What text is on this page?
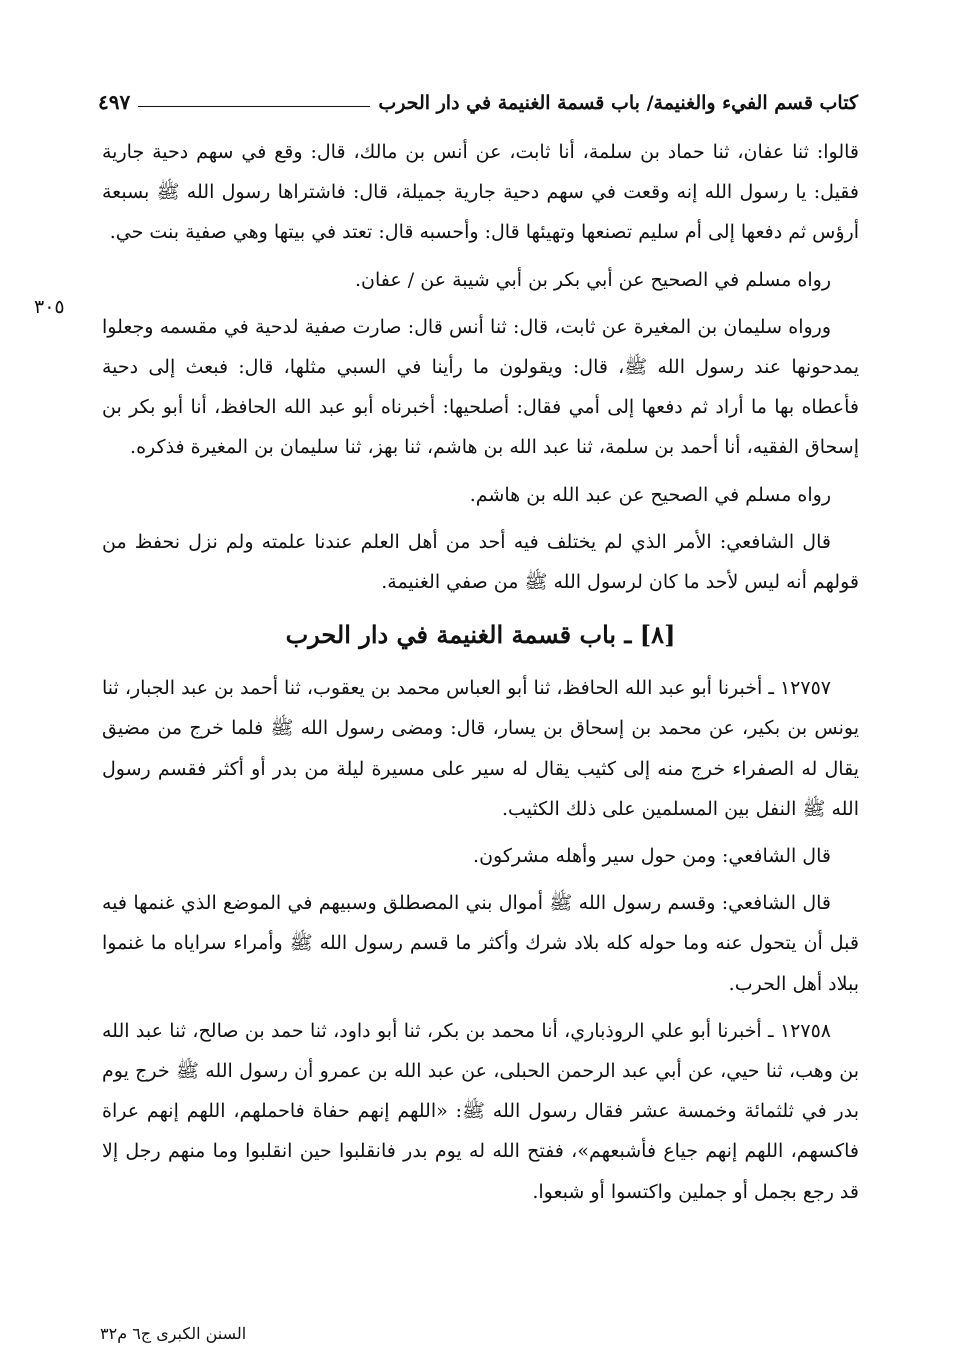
كتاب قسم الفيء والغنيمة/ باب قسمة الغنيمة في دار الحرب
٤٩٧
٣٠٥

قالوا: ثنا عفان، ثنا حماد بن سلمة، أنا ثابت، عن أنس بن مالك، قال: وقع في سهم دحية جارية فقيل: يا رسول الله إنه وقعت في سهم دحية جارية جميلة، قال: فاشتراها رسول الله ﷺ بسبعة أرؤس ثم دفعها إلى أم سليم تصنعها وتهيئها قال: وأحسبه قال: تعتد في بيتها وهي صفية بنت حي.

رواه مسلم في الصحيح عن أبي بكر بن أبي شيبة عن / عفان.

ورواه سليمان بن المغيرة عن ثابت، قال: ثنا أنس قال: صارت صفية لدحية في مقسمه وجعلوا يمدحونها عند رسول الله ﷺ، قال: ويقولون ما رأينا في السبي مثلها، قال: فبعث إلى دحية فأعطاه بها ما أراد ثم دفعها إلى أمي فقال: أصلحيها: أخبرناه أبو عبد الله الحافظ، أنا أبو بكر بن إسحاق الفقيه، أنا أحمد بن سلمة، ثنا عبد الله بن هاشم، ثنا بهز، ثنا سليمان بن المغيرة فذكره.

رواه مسلم في الصحيح عن عبد الله بن هاشم.

قال الشافعي: الأمر الذي لم يختلف فيه أحد من أهل العلم عندنا علمته ولم نزل نحفظ من قولهم أنه ليس لأحد ما كان لرسول الله ﷺ من صفي الغنيمة.

[٨] ـ باب قسمة الغنيمة في دار الحرب

١٢٧٥٧ ـ أخبرنا أبو عبد الله الحافظ، ثنا أبو العباس محمد بن يعقوب، ثنا أحمد بن عبد الجبار، ثنا يونس بن بكير، عن محمد بن إسحاق بن يسار، قال: ومضى رسول الله ﷺ فلما خرج من مضيق يقال له الصفراء خرج منه إلى كثيب يقال له سير على مسيرة ليلة من بدر أو أكثر فقسم رسول الله ﷺ النفل بين المسلمين على ذلك الكثيب.

قال الشافعي: ومن حول سير وأهله مشركون.

قال الشافعي: وقسم رسول الله ﷺ أموال بني المصطلق وسبيهم في الموضع الذي غنمها فيه قبل أن يتحول عنه وما حوله كله بلاد شرك وأكثر ما قسم رسول الله ﷺ وأمراء سراياه ما غنموا ببلاد أهل الحرب.

١٢٧٥٨ ـ أخبرنا أبو علي الروذباري، أنا محمد بن بكر، ثنا أبو داود، ثنا حمد بن صالح، ثنا عبد الله بن وهب، ثنا حيي، عن أبي عبد الرحمن الحبلى، عن عبد الله بن عمرو أن رسول الله ﷺ خرج يوم بدر في ثلثمائة وخمسة عشر فقال رسول الله ﷺ: «اللهم إنهم حفاة فاحملهم، اللهم إنهم عراة فاكسهم، اللهم إنهم جياع فأشبعهم»، ففتح الله له يوم بدر فانقلبوا حين انقلبوا وما منهم رجل إلا قد رجع بجمل أو جملين واكتسوا أو شبعوا.

السنن الكبرى ج٦ م٣٢
